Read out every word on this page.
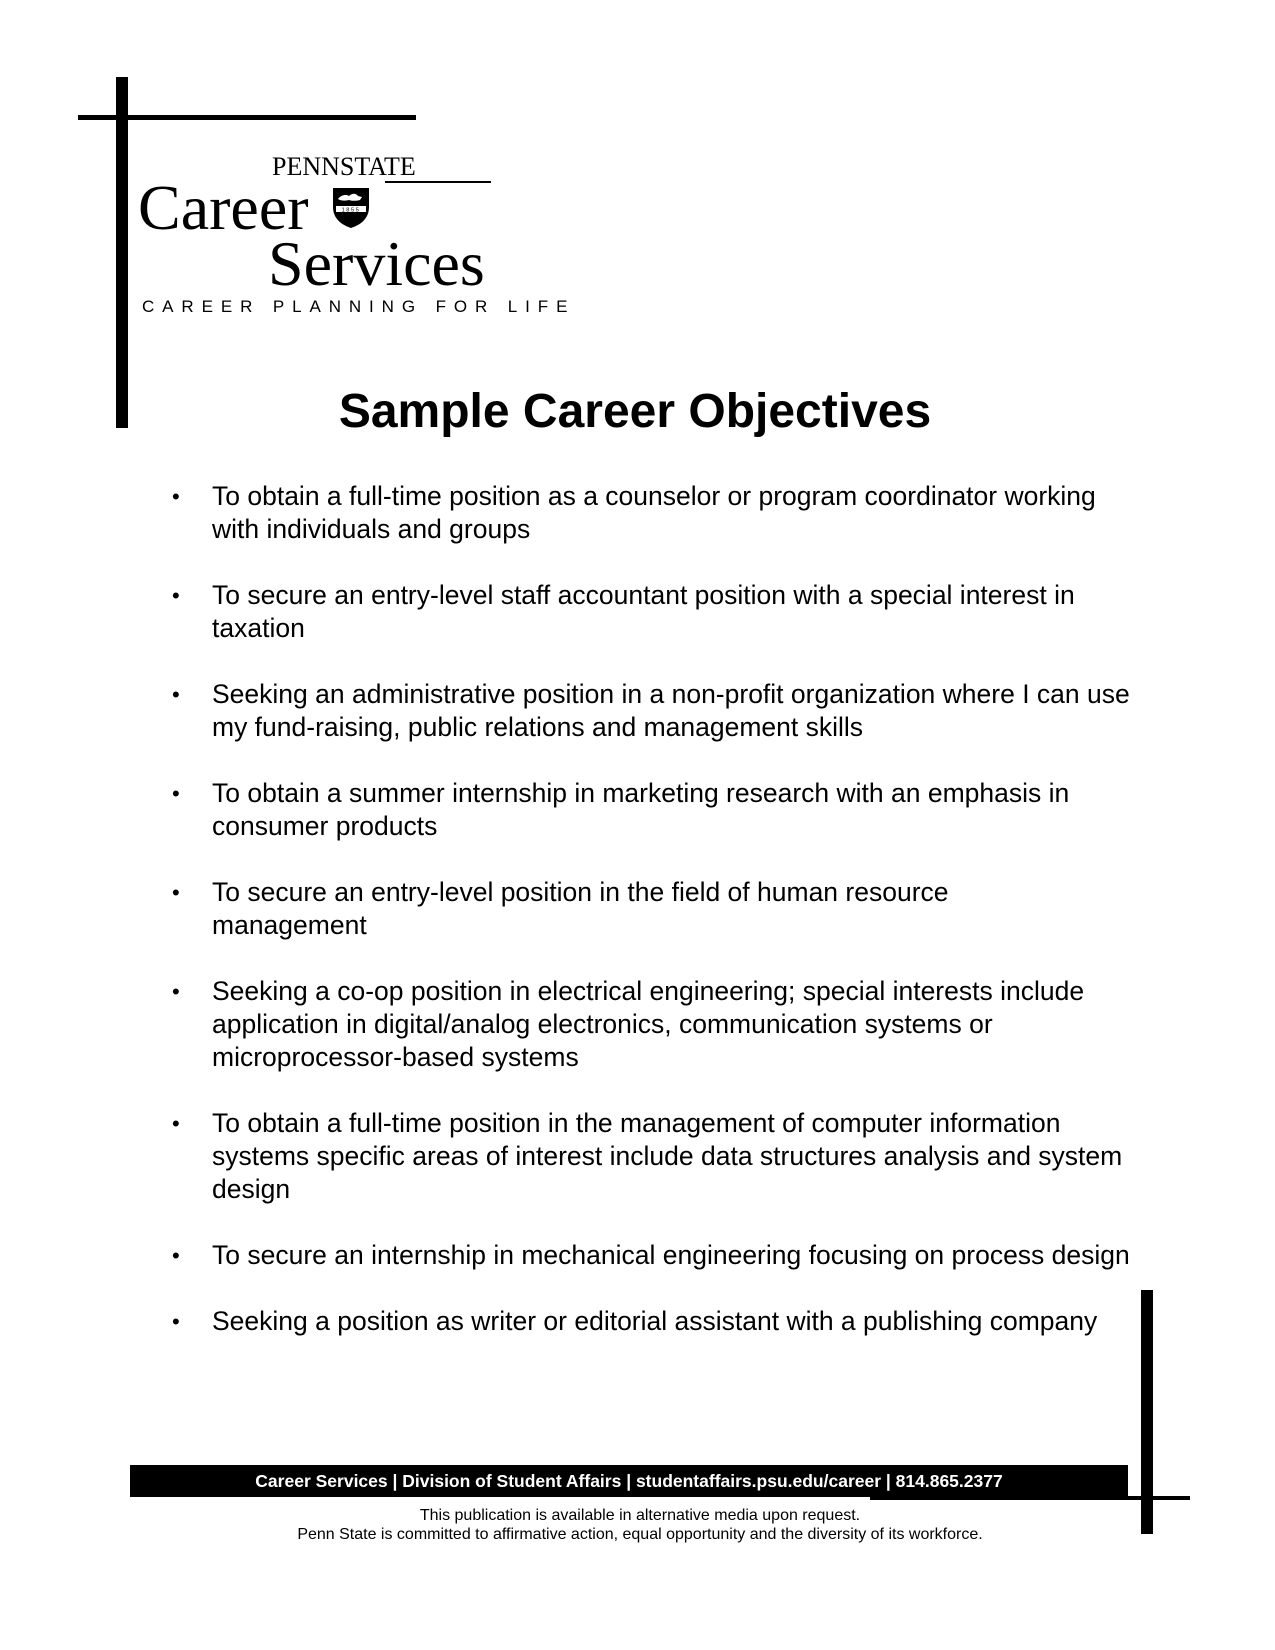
PENNSTATE
Career	1855
Services
CAREER PLANNING FOR LIFE
Sample Career Objectives
•	To obtain a full-time position as a counselor or program coordinator working with individuals and groups
•	To secure an entry-level staff accountant position with a special interest in taxation
•	Seeking an administrative position in a non-profit organization where I can use my fund-raising, public relations and management skills
•	To obtain a summer internship in marketing research with an emphasis in consumer products
•	To secure an entry-level position in the field of human resource management
•	Seeking a co-op position in electrical engineering; special interests include application in digital/analog electronics, communication systems or microprocessor-based systems
•	To obtain a full-time position in the management of computer information systems specific areas of interest include data structures analysis and system design
•	To secure an internship in mechanical engineering focusing on process design
•	Seeking a position as writer or editorial assistant with a publishing company
Career Services | Division of Student Affairs | studentaffairs.psu.edu/career | 814.865.2377
This publication is available in alternative media upon request.
Penn State is committed to affirmative action, equal opportunity and the diversity of its workforce.
